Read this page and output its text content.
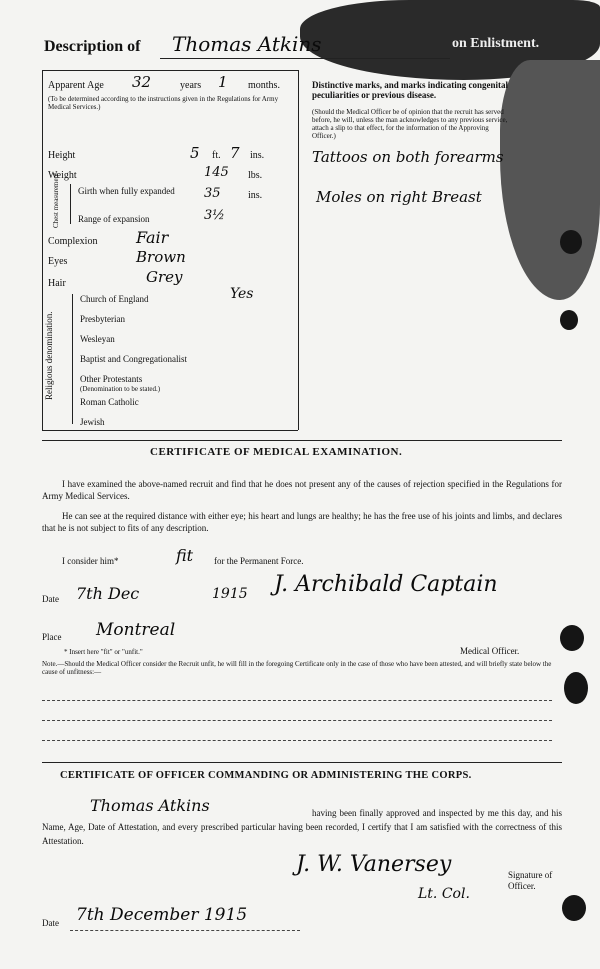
Description of Thomas Atkins	on Enlistment.
Apparent Age 32	years 1 months.
(To be determined according to the instructions given in the Regulations for Army Medical Services.)
Height	5 ft. 7 ins.
Weight	145 lbs.
Chest measurement Girth when fully expanded 35	ins.
Range of expansion	3½
Complexion Fair
Eyes	Brown
Hair	Grey
Religious denomination.
Church of England	Yes
Presbyterian
Wesleyan
Baptist and Congregationalist
Other Protestants
(Denomination to be stated.)
Roman Catholic
Jewish
Distinctive marks, and marks indicating congenital peculiarities or previous disease.
(Should the Medical Officer be of opinion that the recruit has served before, he will, unless the man acknowledges to any previous service, attach a slip to that effect, for the information of the Approving Officer.)
Tattoos on both forearms
Moles on right Breast
CERTIFICATE OF MEDICAL EXAMINATION.
I have examined the above-named recruit and find that he does not present any of the causes of rejection specified in the Regulations for Army Medical Services.
He can see at the required distance with either eye; his heart and lungs are healthy; he has the free use of his joints and limbs, and declares that he is not subject to fits of any description.
I consider him*	fit for the Permanent Force.
Date 7th Dec	1915 J. Archibald Captain
Place Montreal
Medical Officer.
* Insert here "fit" or "unfit."
Note.—Should the Medical Officer consider the Recruit unfit, he will fill in the foregoing Certificate only in the case of those who have been attested, and will briefly state below the cause of unfitness:—
CERTIFICATE OF OFFICER COMMANDING OR ADMINISTERING THE CORPS.
Thomas Atkins	having been finally approved and inspected by me this day, and his Name, Age, Date of Attestation, and every prescribed particular having been recorded, I certify that I am satisfied with the correctness of this Attestation.
J. W. Vanersey
Lt. Col.
Signature of Officer.
Date 7th December 1915
